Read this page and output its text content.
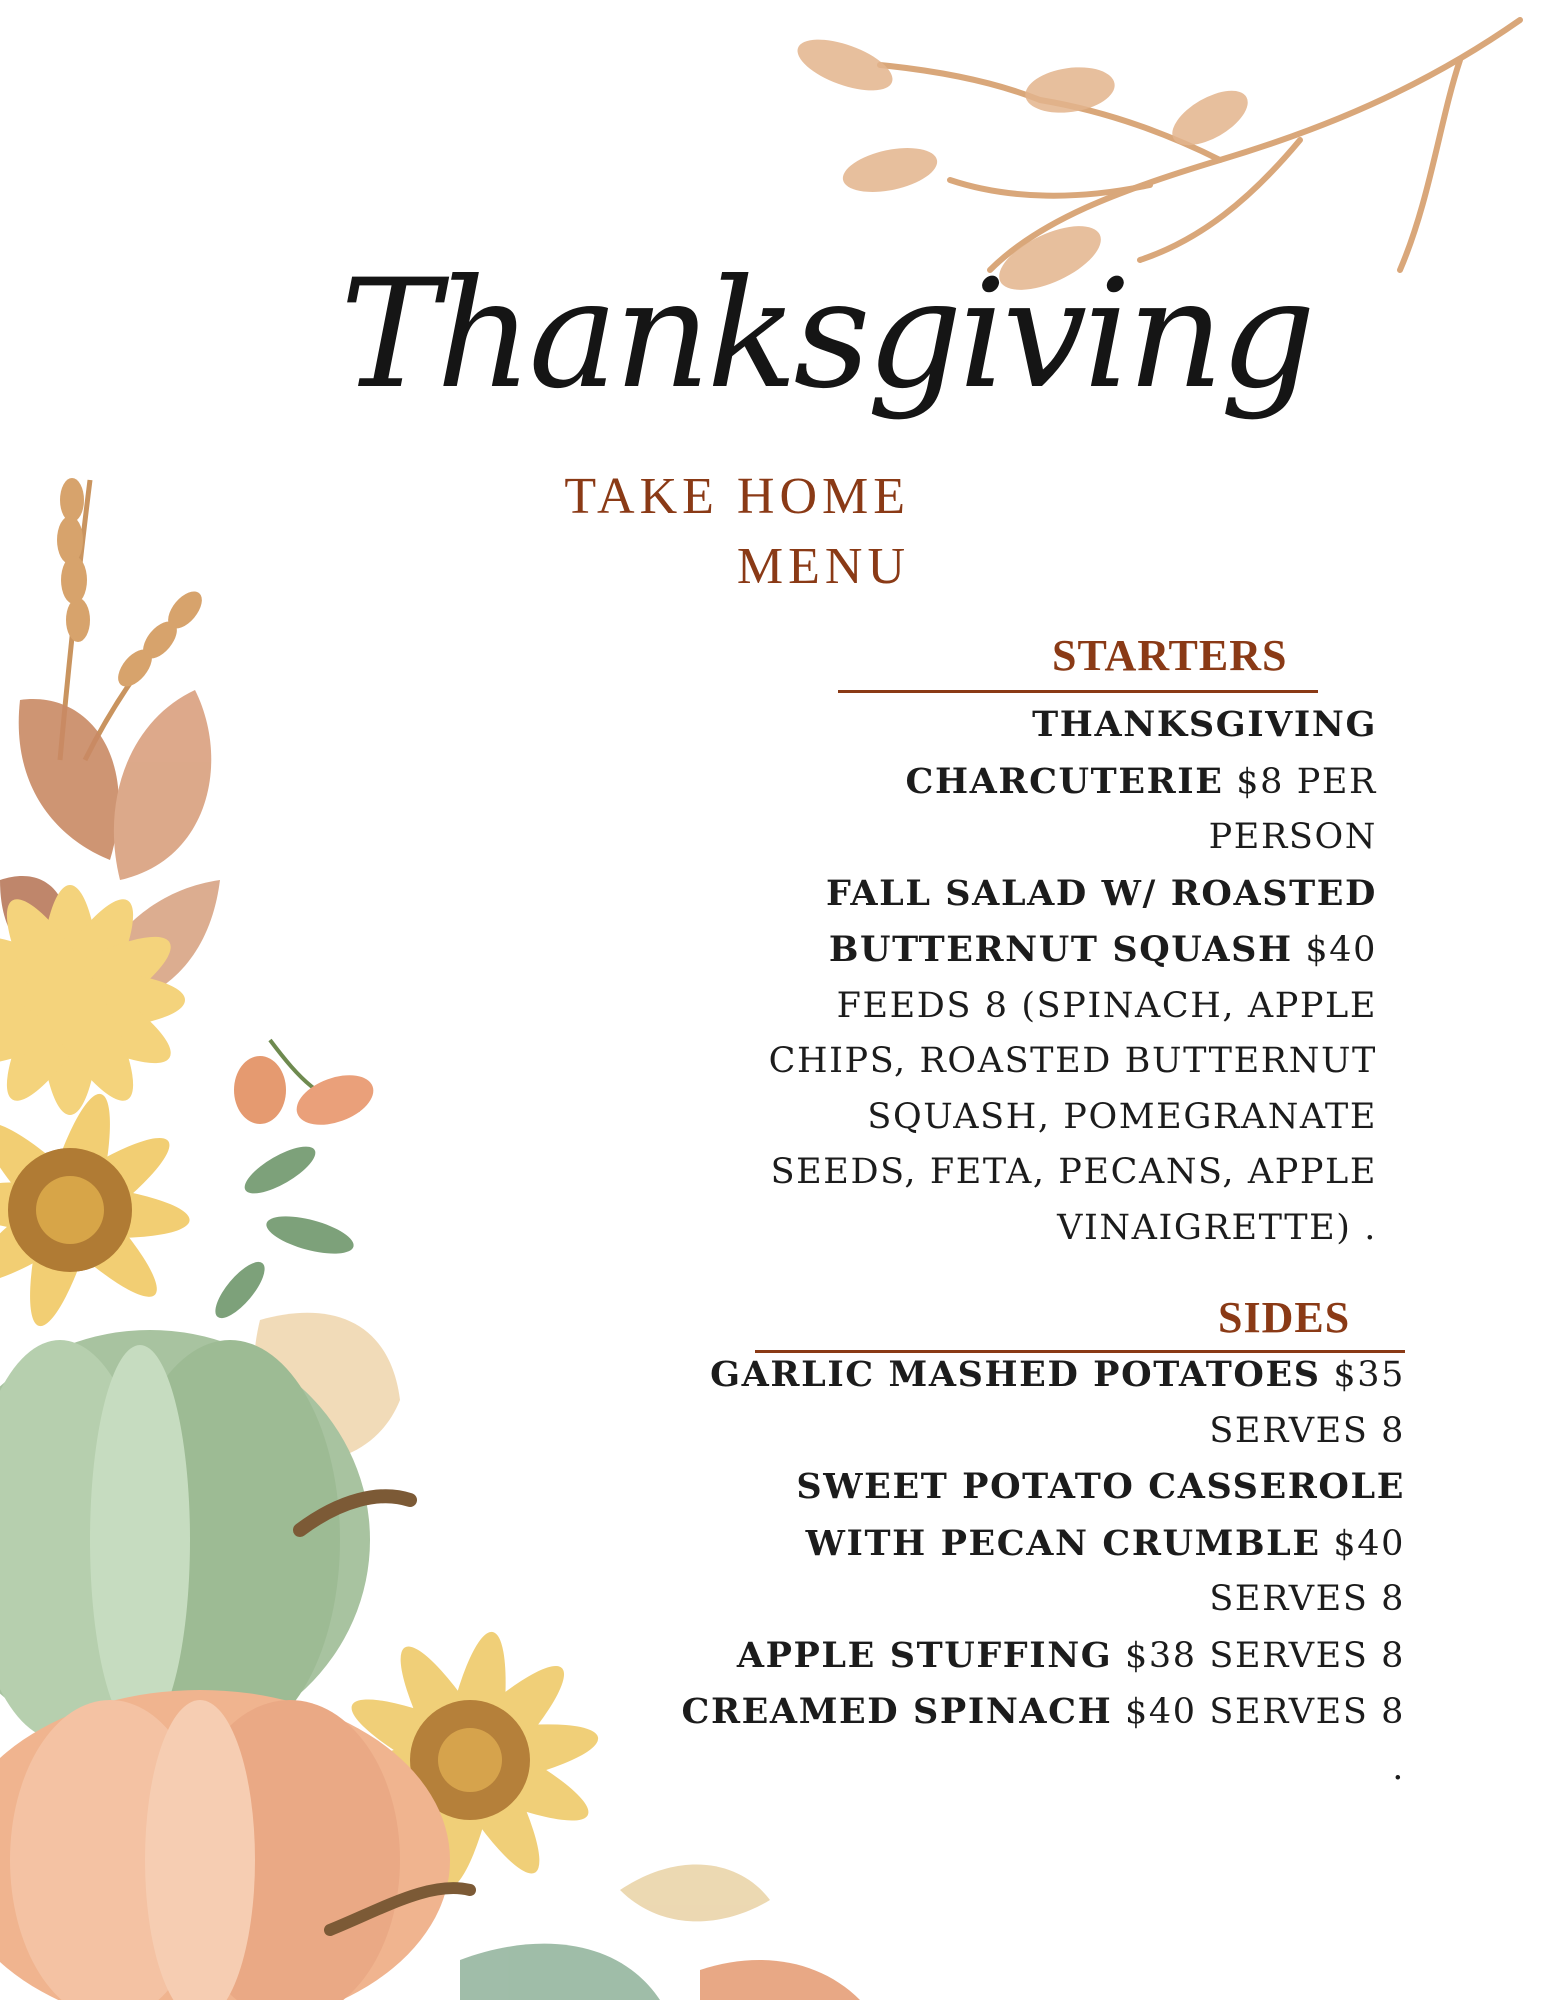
Thanksgiving
TAKE HOME
MENU
STARTERS

THANKSGIVING

CHARCUTERIE $8 PER

PERSON

FALL SALAD W/ ROASTED

BUTTERNUT SQUASH $40

FEEDS 8 (SPINACH, APPLE

CHIPS, ROASTED BUTTERNUT

SQUASH, POMEGRANATE

SEEDS, FETA, PECANS, APPLE

VINAIGRETTE) .

SIDES

GARLIC MASHED POTATOES $35

SERVES 8

SWEET POTATO CASSEROLE

WITH PECAN CRUMBLE $40

SERVES 8

APPLE STUFFING $38 SERVES 8

CREAMED SPINACH $40 SERVES 8

.
